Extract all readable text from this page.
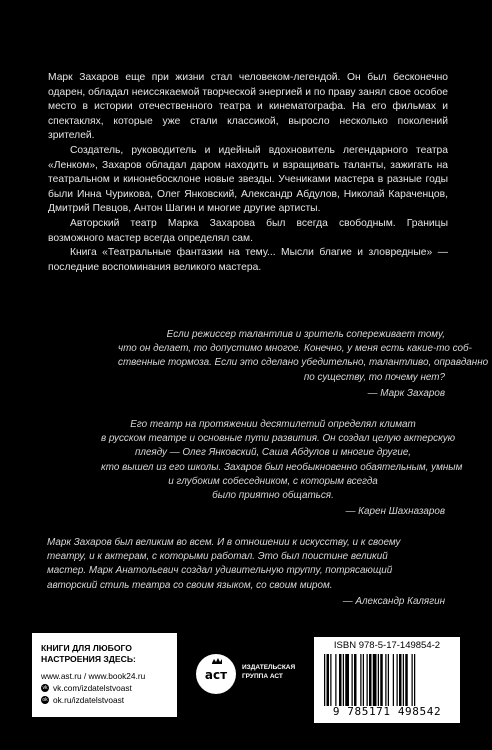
Марк Захаров еще при жизни стал человеком-легендой. Он был бесконечно одарен, обладал неиссякаемой творческой энергией и по праву занял свое особое место в истории отечественного театра и кинематографа. На его фильмах и спектаклях, которые уже стали классикой, выросло несколько поколений зрителей.

Создатель, руководитель и идейный вдохновитель легендарного театра «Ленком», Захаров обладал даром находить и взращивать таланты, зажигать на театральном и кинонебосклоне новые звезды. Учениками мастера в разные годы были Инна Чурикова, Олег Янковский, Александр Абдулов, Николай Караченцов, Дмитрий Певцов, Антон Шагин и многие другие артисты.

Авторский театр Марка Захарова был всегда свободным. Границы возможного мастер всегда определял сам.

Книга «Театральные фантазии на тему... Мысли благие и зловредные» — последние воспоминания великого мастера.

Если режиссер талантлив и зритель сопереживает тому,
что он делает, то допустимо многое. Конечно, у меня есть какие-то соб-
ственные тормоза. Если это сделано убедительно, талантливо, оправданно
по существу, то почему нет?
— Марк Захаров
Его театр на протяжении десятилетий определял климат
в русском театре и основные пути развития. Он создал целую актерскую
плеяду — Олег Янковский, Саша Абдулов и многие другие,
кто вышел из его школы. Захаров был необыкновенно обаятельным, умным
и глубоким собеседником, с которым всегда
было приятно общаться.
— Карен Шахназаров
Марк Захаров был великим во всем. И в отношении к искусству, и к своему
театру, и к актерам, с которыми работал. Это был поистине великий
мастер. Марк Анатольевич создал удивительную труппу, потрясающий
авторский стиль театра со своим языком, со своим миром.
— Александр Калягин
КНИГИ ДЛЯ ЛЮБОГО
НАСТРОЕНИЯ ЗДЕСЬ:
www.ast.ru / www.book24.ru
vk vk.com/izdatelstvoast
ok ok.ru/izdatelstvoast
acт
ИЗДАТЕЛЬСКАЯ
ГРУППА АСТ
ISBN 978-5-17-149854-2
9 785171 498542
